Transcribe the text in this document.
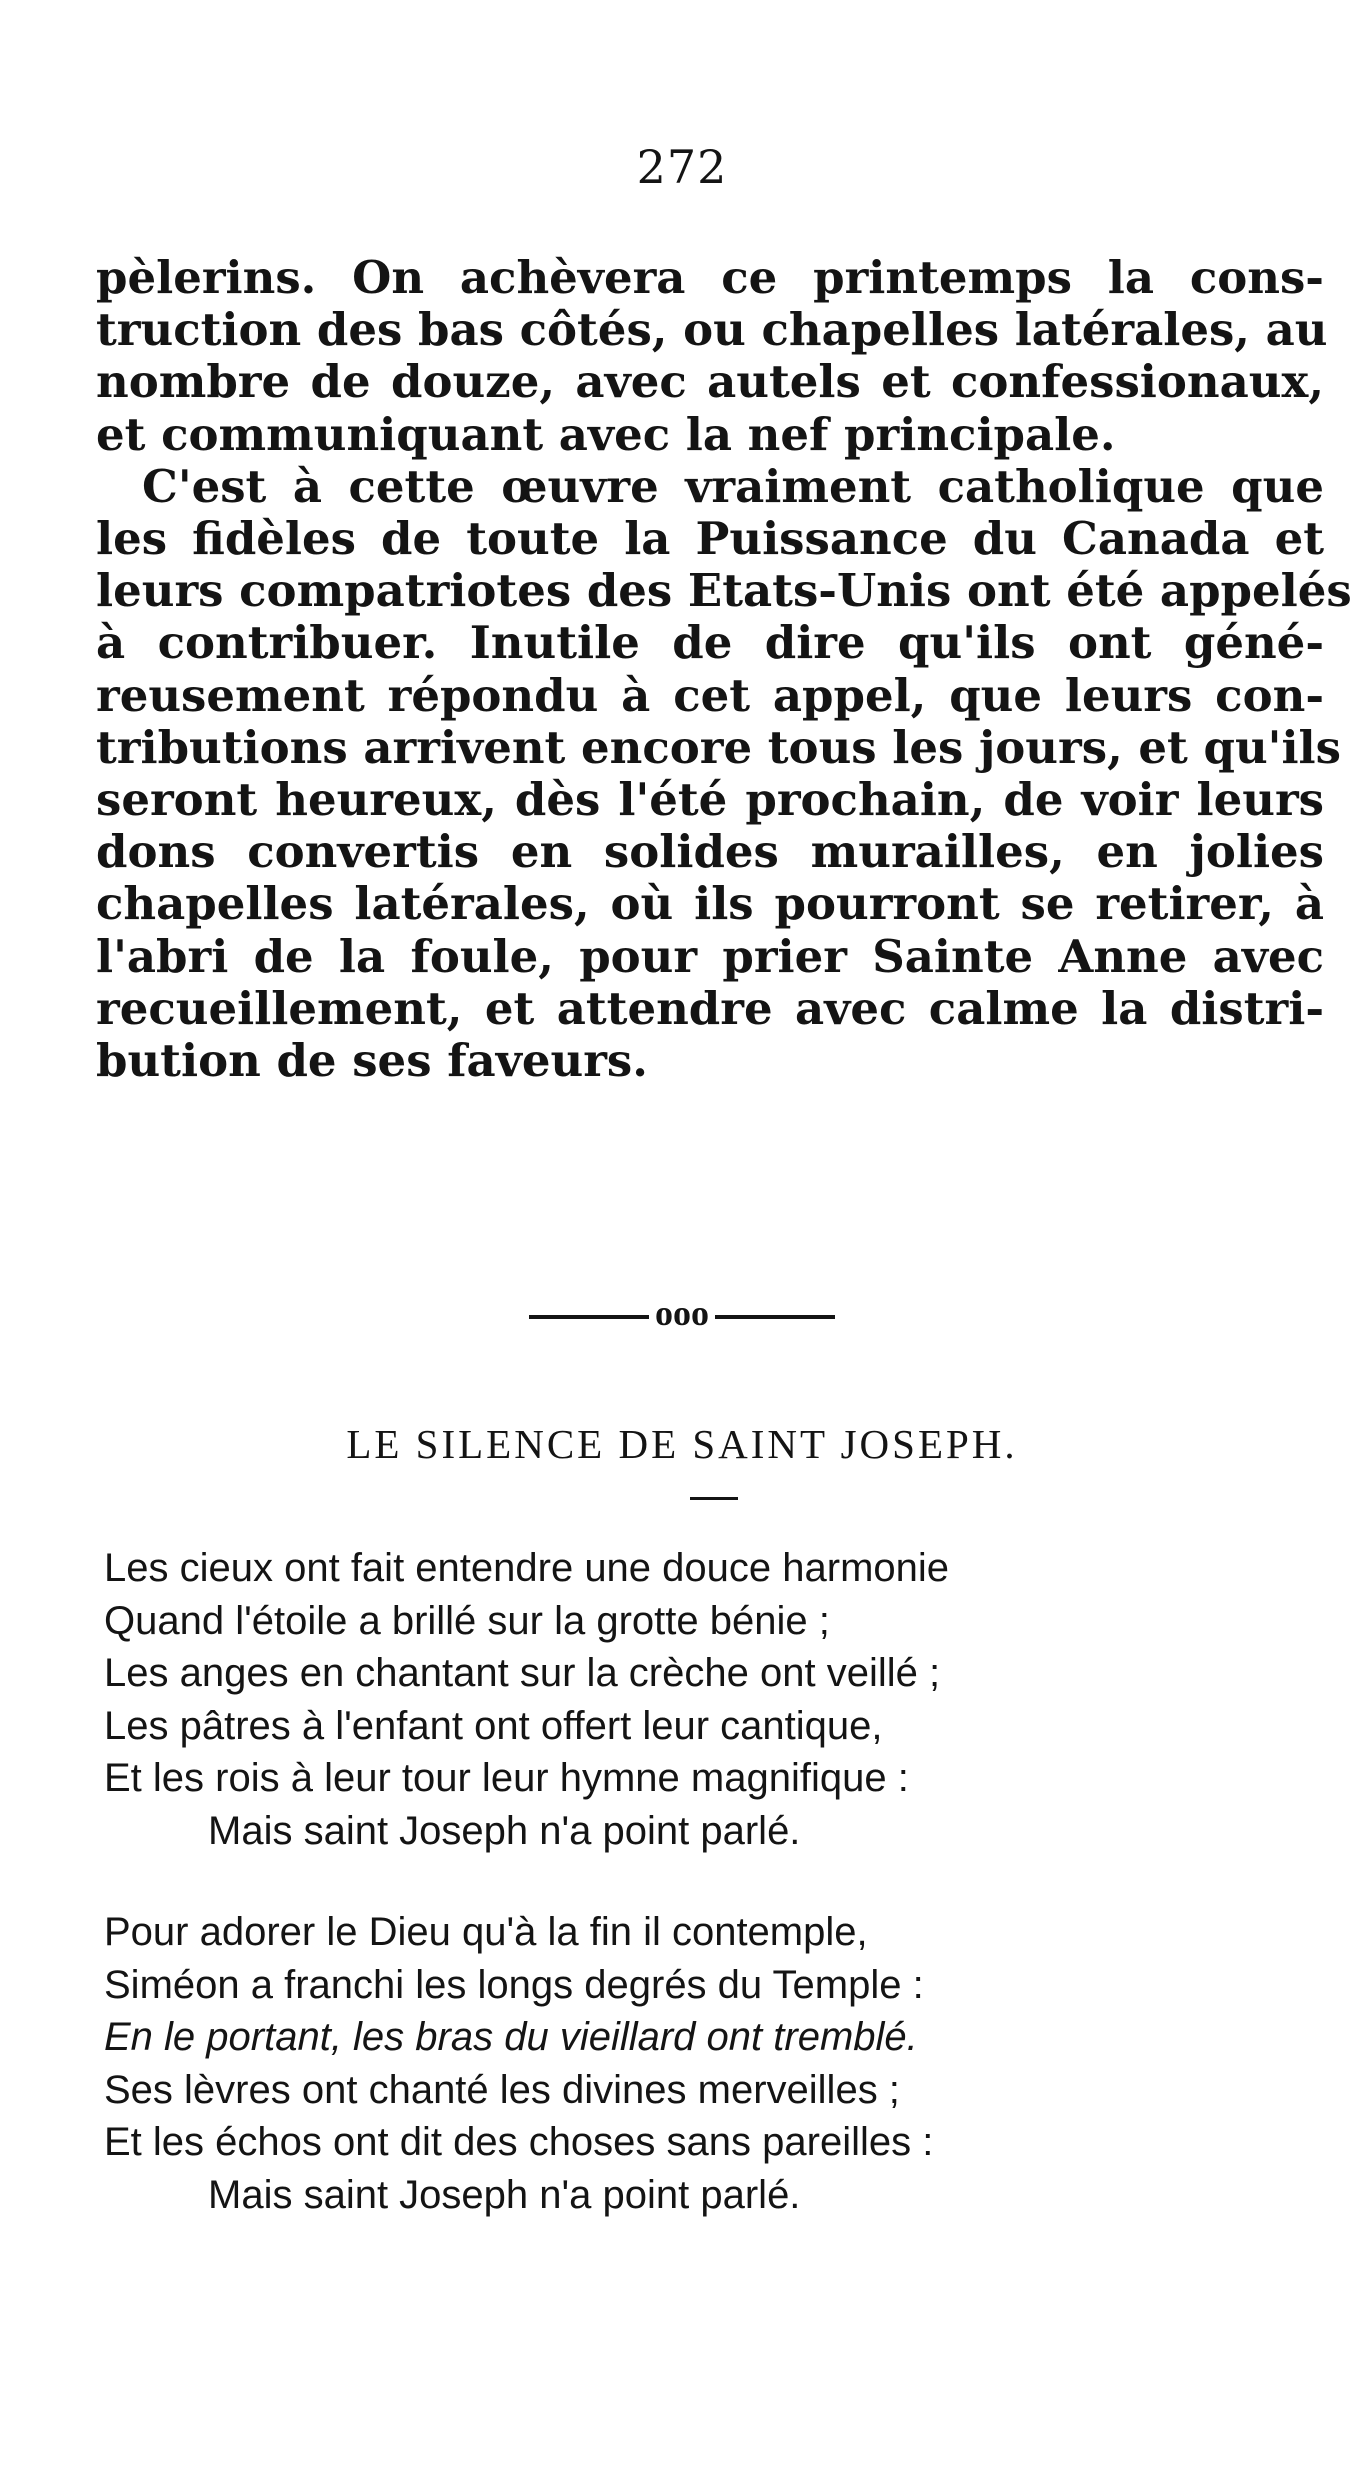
272
pèlerins. On achèvera ce printemps la cons-
truction des bas côtés, ou chapelles latérales, au
nombre de douze, avec autels et confessionaux,
et communiquant avec la nef principale.
C'est à cette œuvre vraiment catholique que
les fidèles de toute la Puissance du Canada et
leurs compatriotes des Etats-Unis ont été appelés
à contribuer. Inutile de dire qu'ils ont géné-
reusement répondu à cet appel, que leurs con-
tributions arrivent encore tous les jours, et qu'ils
seront heureux, dès l'été prochain, de voir leurs
dons convertis en solides murailles, en jolies
chapelles latérales, où ils pourront se retirer, à
l'abri de la foule, pour prier Sainte Anne avec
recueillement, et attendre avec calme la distri-
bution de ses faveurs.
ooo
LE SILENCE DE SAINT JOSEPH.
Les cieux ont fait entendre une douce harmonie
Quand l'étoile a brillé sur la grotte bénie ;
Les anges en chantant sur la crèche ont veillé ;
Les pâtres à l'enfant ont offert leur cantique,
Et les rois à leur tour leur hymne magnifique :
Mais saint Joseph n'a point parlé.
Pour adorer le Dieu qu'à la fin il contemple,
Siméon a franchi les longs degrés du Temple :
En le portant, les bras du vieillard ont tremblé.
Ses lèvres ont chanté les divines merveilles ;
Et les échos ont dit des choses sans pareilles :
Mais saint Joseph n'a point parlé.
